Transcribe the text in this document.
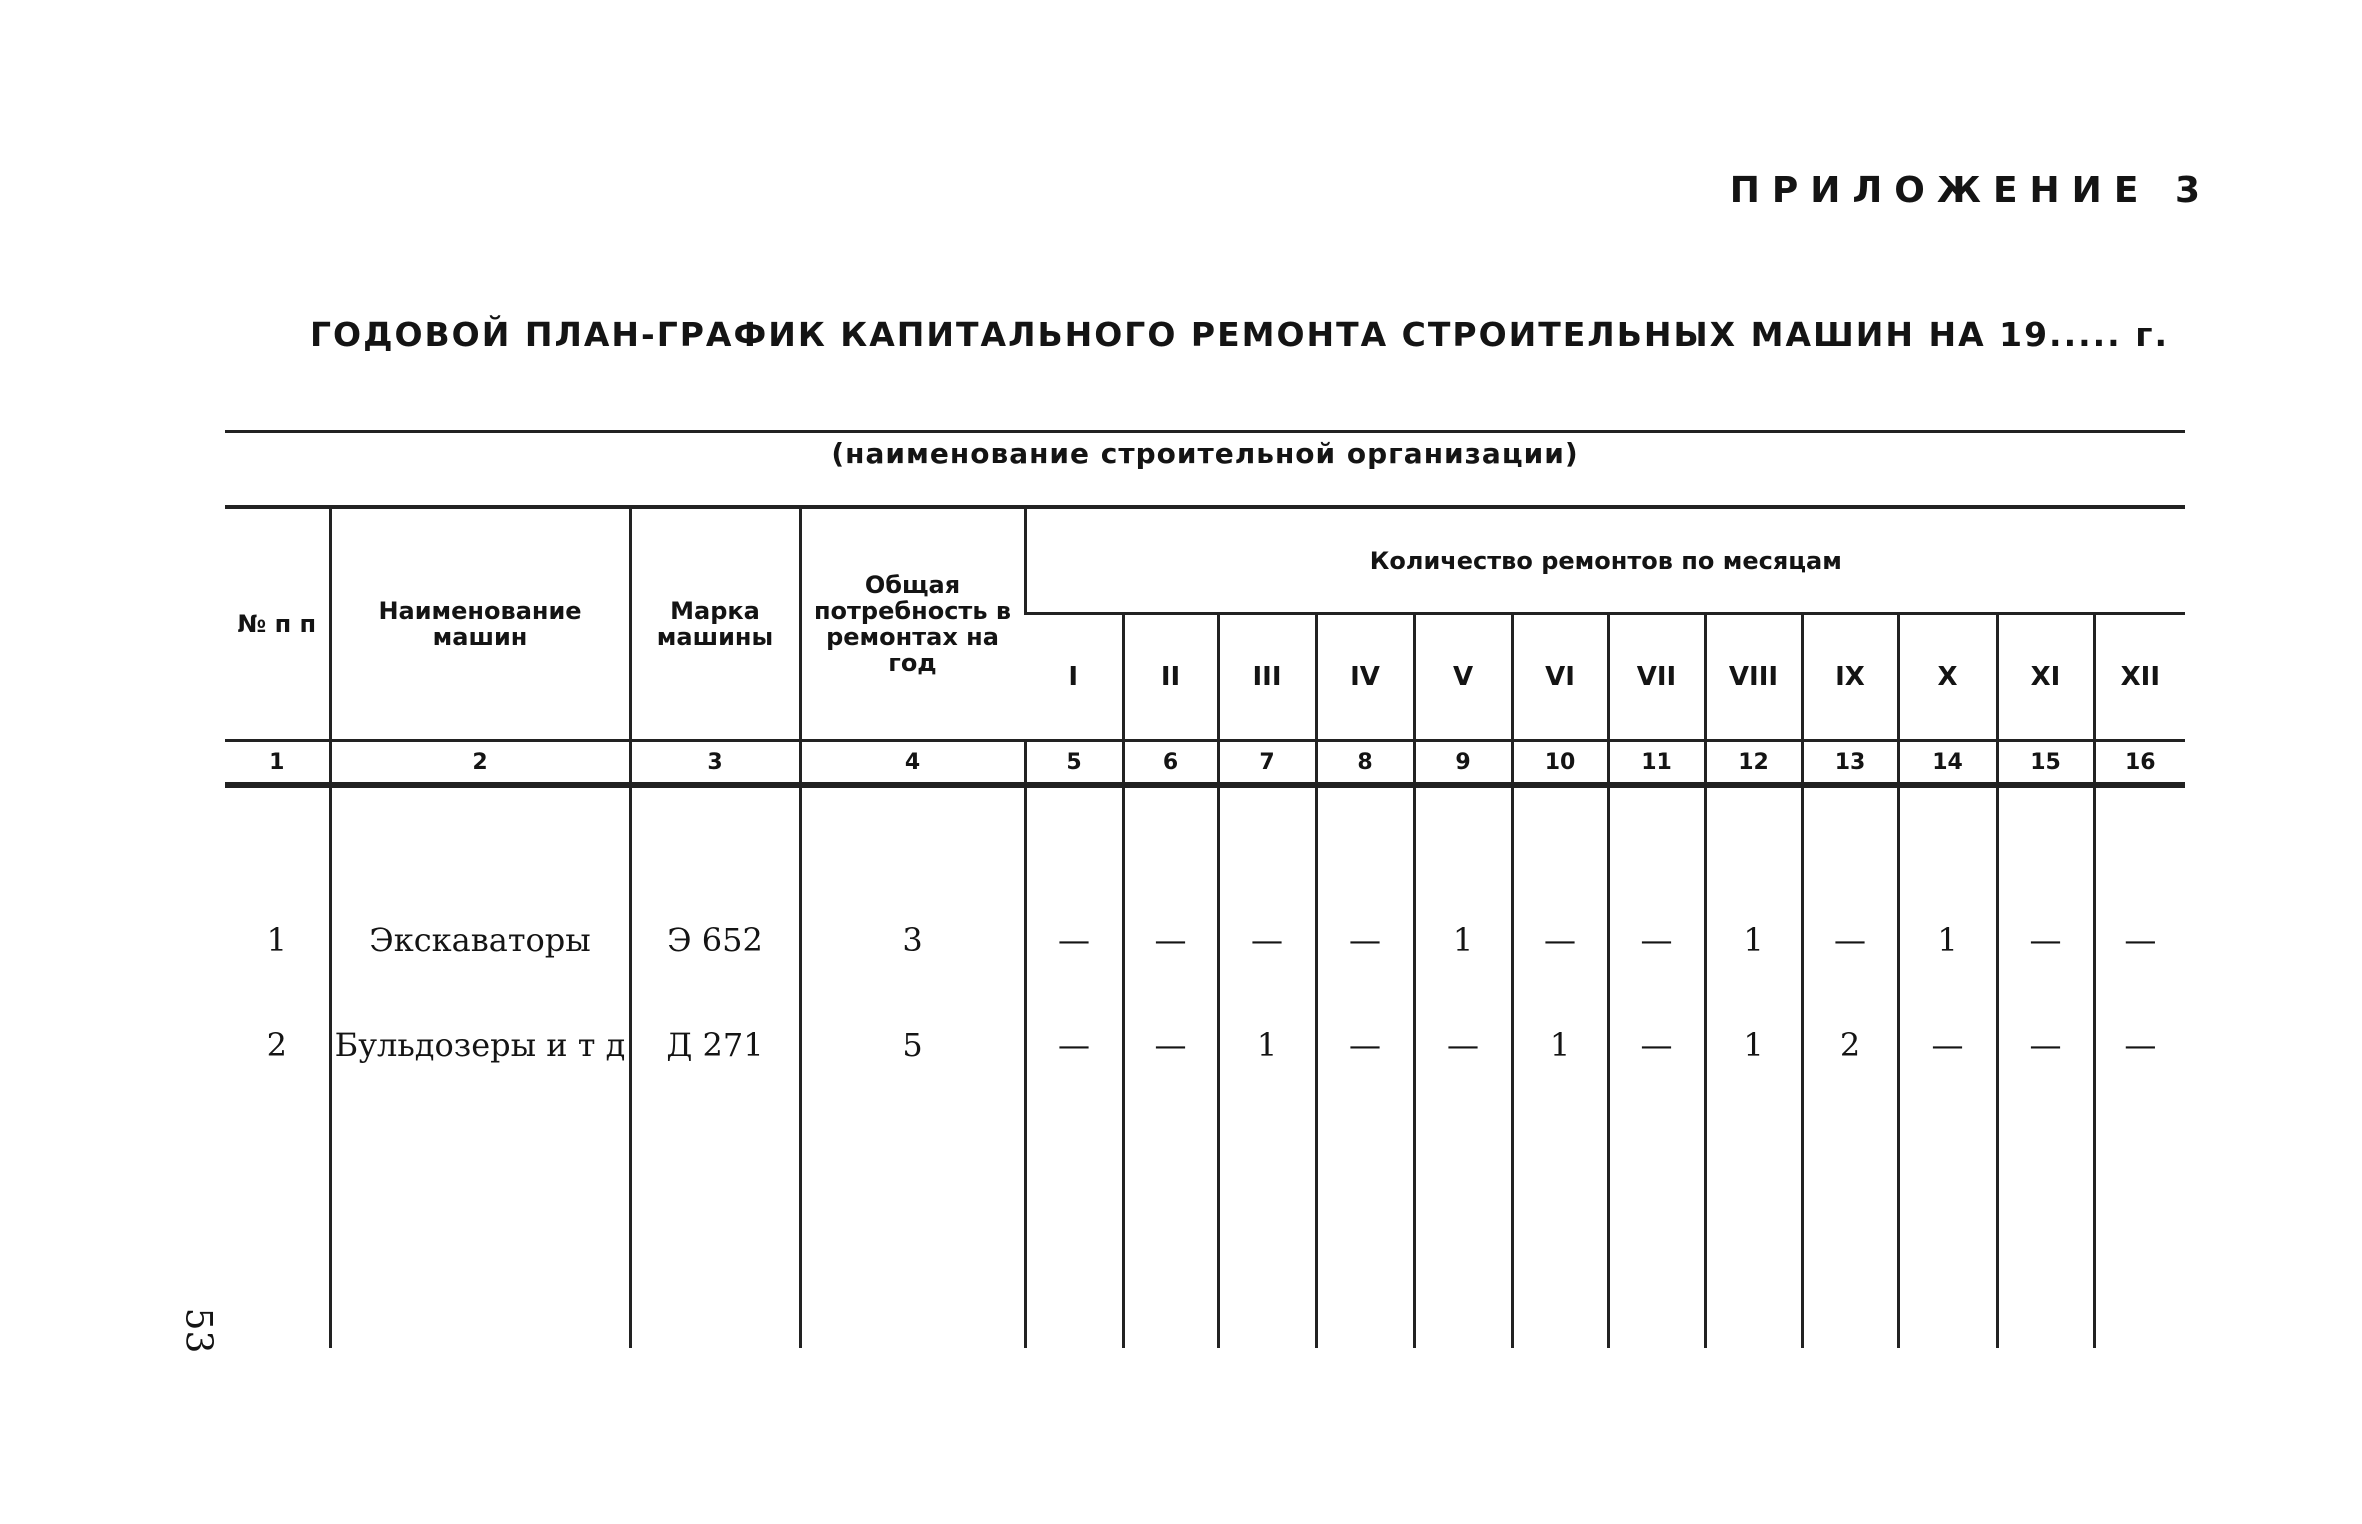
ПРИЛОЖЕНИЕ 3
ГОДОВОЙ ПЛАН-ГРАФИК КАПИТАЛЬНОГО РЕМОНТА СТРОИТЕЛЬНЫХ МАШИН НА 19..... г.
(наименование строительной организации)
№ п п	Наименование машин	Марка машины	Общая потребность в ремонтах на год	Количество ремонтов по месяцам											
				I	II	III	IV	V	VI	VII	VIII	IX	X	XI	XII
1	2	3	4	5	6	7	8	9	10	11	12	13	14	15	16
1	Экскаваторы	Э 652	3	—	—	—	—	1	—	—	1	—	1	—	—
2	Бульдозеры и т д	Д 271	5	—	—	1	—	—	1	—	1	2	—	—	—

53
